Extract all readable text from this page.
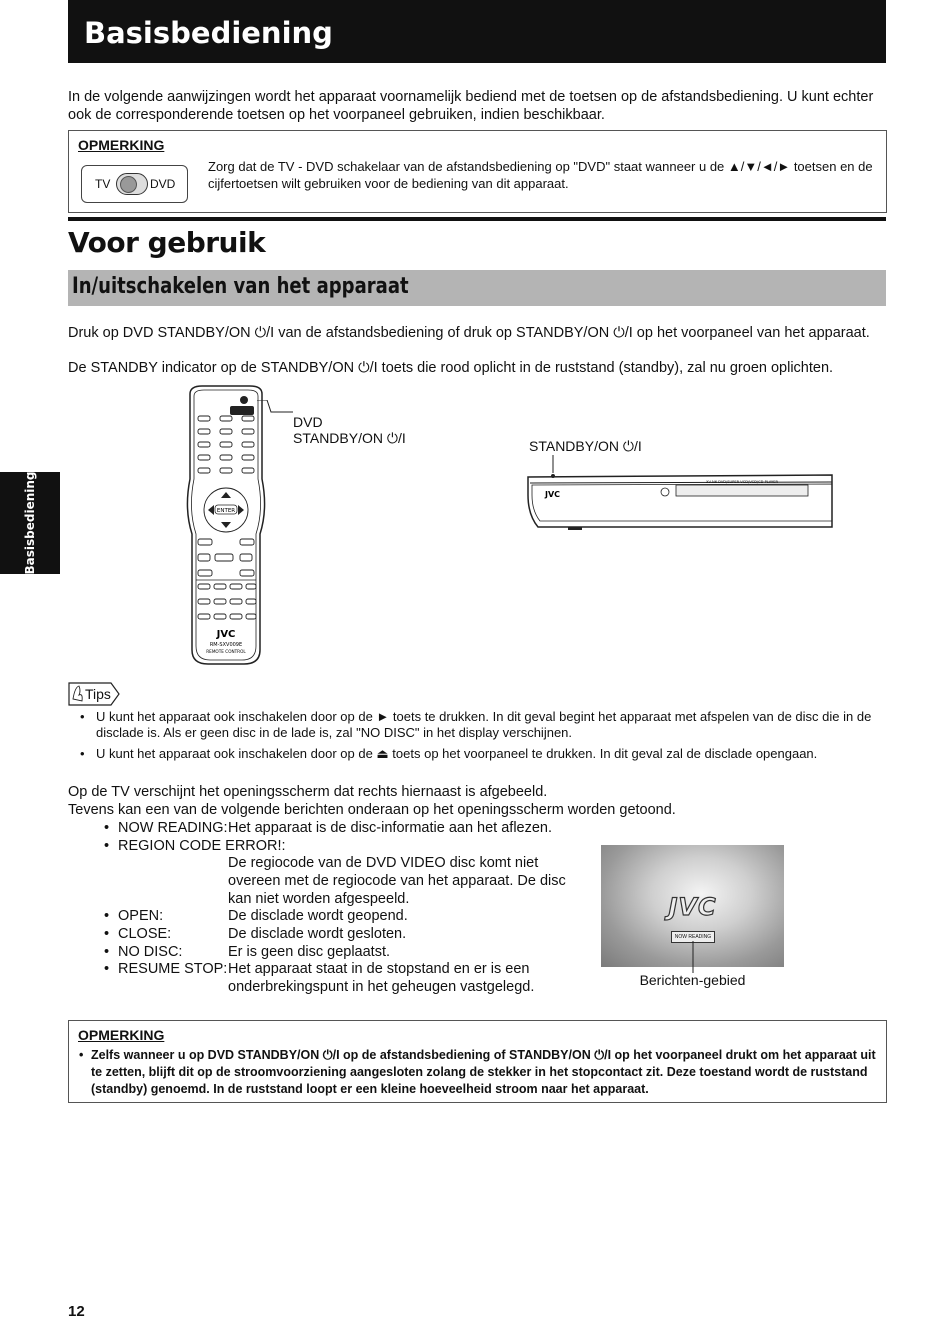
Basisbediening
In de volgende aanwijzingen wordt het apparaat voornamelijk bediend met de toetsen op de afstandsbediening. U kunt echter ook de corresponderende toetsen op het voorpaneel gebruiken, indien beschikbaar.
OPMERKING
Zorg dat de TV - DVD schakelaar van de afstandsbediening op "DVD" staat wanneer u de ▲/▼/◄/► toetsen en de cijfertoetsen wilt gebruiken voor de bediening van dit apparaat.
TV	DVD
Voor gebruik
In/uitschakelen van het apparaat
Basisbediening
Druk op DVD STANDBY/ON ⏻/I van de afstandsbediening of druk op STANDBY/ON ⏻/I op het voorpaneel van het apparaat.
De STANDBY indicator op de STANDBY/ON ⏻/I toets die rood oplicht in de ruststand (standby), zal nu groen oplichten.
ENTER
JVC
RM-SXV009E
REMOTE CONTROL
DVD
STANDBY/ON ⏻/I	STANDBY/ON ⏻/I
JVC
XV-N6 DVD/SUPER VCD/VCD/CD PLAYER
Tips
• U kunt het apparaat ook inschakelen door op de ► toets te drukken. In dit geval begint het apparaat met afspelen van de disc die in de disclade is. Als er geen disc in de lade is, zal "NO DISC" in het display verschijnen.
• U kunt het apparaat ook inschakelen door op de ⏏ toets op het voorpaneel te drukken. In dit geval zal de disclade opengaan.
Op de TV verschijnt het openingsscherm dat rechts hiernaast is afgebeeld.
Tevens kan een van de volgende berichten onderaan op het openingsscherm worden getoond.
• NOW READING: Het apparaat is de disc-informatie aan het aflezen.
• REGION CODE ERROR!:
De regiocode van de DVD VIDEO disc komt niet
overeen met de regiocode van het apparaat. De disc
kan niet worden afgespeeld.
• OPEN:	De disclade wordt geopend.
• CLOSE:	De disclade wordt gesloten.
• NO DISC:	Er is geen disc geplaatst.
• RESUME STOP: Het apparaat staat in de stopstand en er is een
onderbrekingspunt in het geheugen vastgelegd.
JVC
NOW READING
Berichten-gebied
OPMERKING
• Zelfs wanneer u op DVD STANDBY/ON ⏻/I op de afstandsbediening of STANDBY/ON ⏻/I op het voorpaneel drukt om het apparaat uit te zetten, blijft dit op de stroomvoorziening aangesloten zolang de stekker in het stopcontact zit. Deze toestand wordt de ruststand (standby) genoemd. In de ruststand loopt er een kleine hoeveelheid stroom naar het apparaat.
12
